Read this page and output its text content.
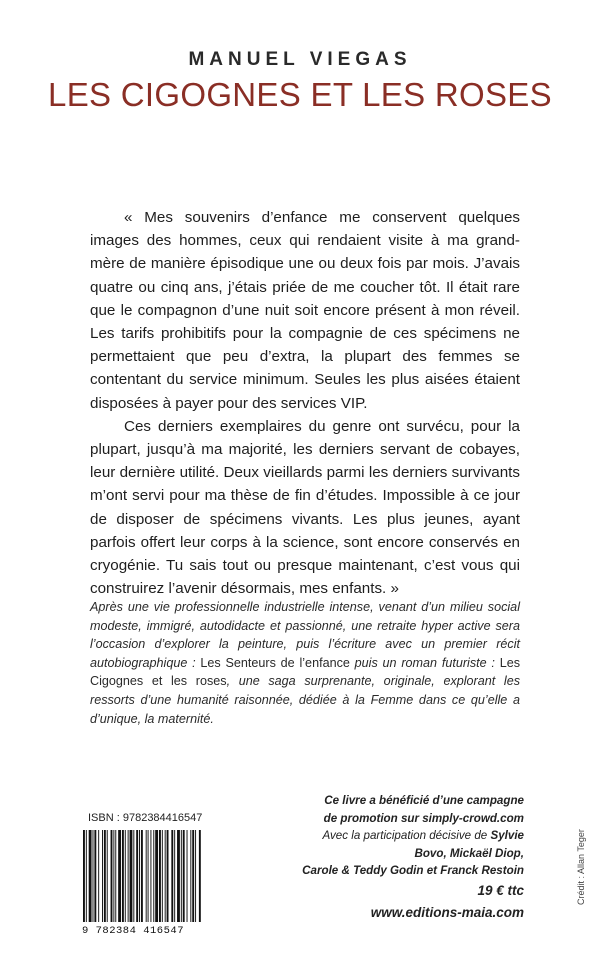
MANUEL VIEGAS
LES CIGOGNES ET LES ROSES

« Mes souvenirs d’enfance me conservent quelques images des hommes, ceux qui rendaient visite à ma grand-mère de manière épisodique une ou deux fois par mois. J’avais quatre ou cinq ans, j’étais priée de me coucher tôt. Il était rare que le compagnon d’une nuit soit encore présent à mon réveil. Les tarifs prohibitifs pour la compagnie de ces spécimens ne permettaient que peu d’extra, la plupart des femmes se contentant du service minimum. Seules les plus aisées étaient disposées à payer pour des services VIP.

Ces derniers exemplaires du genre ont survécu, pour la plupart, jusqu’à ma majorité, les derniers servant de cobayes, leur dernière utilité. Deux vieillards parmi les derniers survivants m’ont servi pour ma thèse de fin d’études. Impossible à ce jour de disposer de spécimens vivants. Les plus jeunes, ayant parfois offert leur corps à la science, sont encore conservés en cryogénie. Tu sais tout ou presque maintenant, c’est vous qui construirez l’avenir désormais, mes enfants. »

Après une vie professionnelle industrielle intense, venant d’un milieu social modeste, immigré, autodidacte et passionné, une retraite hyper active sera l’occasion d’explorer la peinture, puis l’écriture avec un premier récit autobiographique : Les Senteurs de l’enfance puis un roman futuriste : Les Cigognes et les roses, une saga surprenante, originale, explorant les ressorts d’une humanité raisonnée, dédiée à la Femme dans ce qu’elle a d’unique, la maternité.
ISBN : 9782384416547
9 782384 416547
Ce livre a bénéficié d’une campagne
de promotion sur simply-crowd.com
Avec la participation décisive de Sylvie Bovo, Mickaël Diop,
Carole & Teddy Godin et Franck Restoin
19 € ttc
www.editions-maia.com
Crédit : Allan Teger
